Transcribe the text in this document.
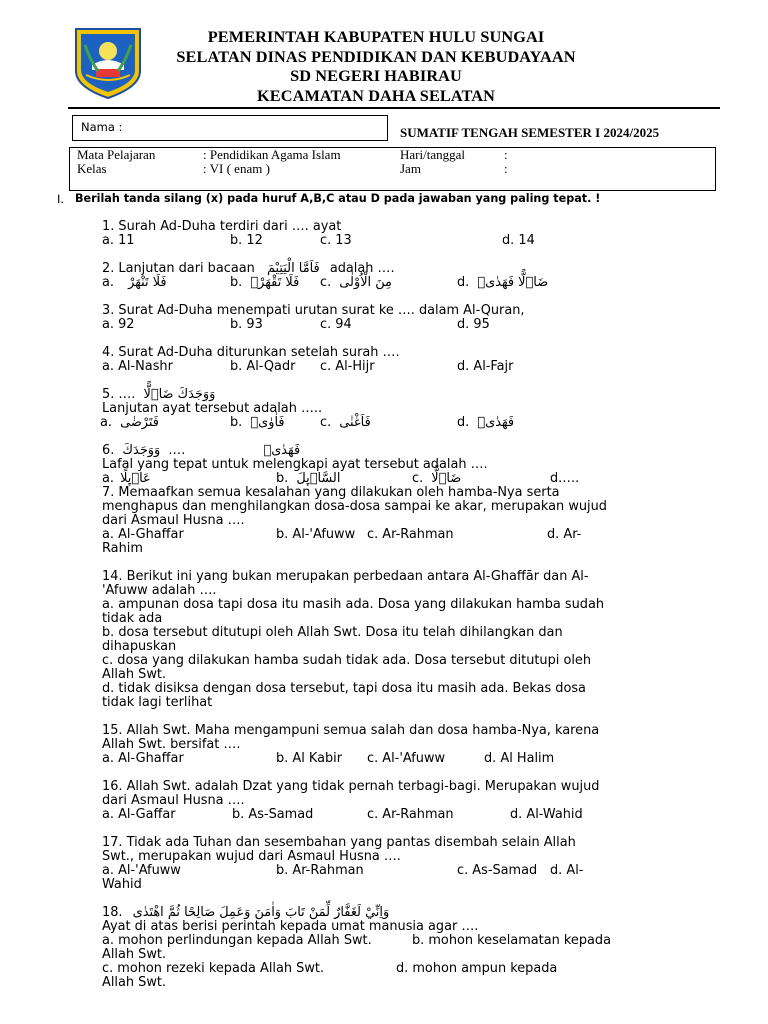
PEMERINTAH KABUPATEN HULU SUNGAI
SELATAN DINAS PENDIDIKAN DAN KEBUDAYAAN
SD NEGERI HABIRAU
KECAMATAN DAHA SELATAN
Nama :	SUMATIF TENGAH SEMESTER I 2024/2025
Mata Pelajaran	: Pendidikan Agama Islam
Kelas	: VI ( enam )
Hari/tanggal	:
Jam	:
I. Berilah tanda silang (x) pada huruf A,B,C atau D pada jawaban yang paling tepat. !
1. Surah Ad-Duha terdiri dari …. ayat
a. 11	b. 12	c. 13	d. 14
2. Lanjutan dari bacaan فَاَمَّا الْيَتِيْمَ adalah ….
a. فَلَا تَنْهَرْ	b. فَلَا تَقْهَرْۗ c. مِنَ الْاُوْلٰى	d. ضَاۤلًّا فَهَدٰىۖ
3. Surat Ad-Duha menempati urutan surat ke …. dalam Al-Quran,
a. 92	b. 93	c. 94	d. 95
4. Surat Ad-Duha diturunkan setelah surah ….
a. Al-Nashr	b. Al-Qadr c. Al-Hijr	d. Al-Fajr
5. …. وَوَجَدَكَ ضَاۤلًّا
Lanjutan ayat tersebut adalah …..
a. فَتَرْضٰى	b. فَاٰوٰىۖ	c. فَاَغْنٰى	d. فَهَدٰىۖ
6.	فَهَدٰىۖ …. وَوَجَدَكَ
Lafal yang tepat untuk melengkapi ayat tersebut adalah ….
a. عَاۤىِٕلًا	b. السَّاۤىِٕلَ	c. ضَاۤلًّا	d.….
7. Memaafkan semua kesalahan yang dilakukan oleh hamba-Nya serta menghapus dan menghilangkan dosa-dosa sampai ke akar, merupakan wujud dari Asmaul Husna ….
a. Al-Ghaffar	b. Al-'Afuww c. Ar-Rahman	d. Ar-
Rahim
14. Berikut ini yang bukan merupakan perbedaan antara Al-Ghaffār dan Al-'Afuww adalah ….
a. ampunan dosa tapi dosa itu masih ada. Dosa yang dilakukan hamba sudah tidak ada
b. dosa tersebut ditutupi oleh Allah Swt. Dosa itu telah dihilangkan dan dihapuskan
c. dosa yang dilakukan hamba sudah tidak ada. Dosa tersebut ditutupi oleh Allah Swt.
d. tidak disiksa dengan dosa tersebut, tapi dosa itu masih ada. Bekas dosa tidak lagi terlihat
15. Allah Swt. Maha mengampuni semua salah dan dosa hamba-Nya, karena Allah Swt. bersifat ….
a. Al-Ghaffar	b. Al Kabir c. Al-'Afuww	d. Al Halim
16. Allah Swt. adalah Dzat yang tidak pernah terbagi-bagi. Merupakan wujud dari Asmaul Husna ….
a. Al-Gaffar	b. As-Samad	c. Ar-Rahman	d. Al-Wahid
17. Tidak ada Tuhan dan sesembahan yang pantas disembah selain Allah Swt., merupakan wujud dari Asmaul Husna ….
a. Al-'Afuww	b. Ar-Rahman	c. As-Samad d. Al-
Wahid
18. وَاِنِّيْ لَغَفَّارٌ لِّمَنْ تَابَ وَاٰمَنَ وَعَمِلَ صَالِحًا ثُمَّ اهْتَدٰى
Ayat di atas berisi perintah kepada umat manusia agar ….
a. mohon perlindungan kepada Allah Swt.	b. mohon keselamatan kepada
Allah Swt.
c. mohon rezeki kepada Allah Swt.	d. mohon ampun kepada
Allah Swt.
